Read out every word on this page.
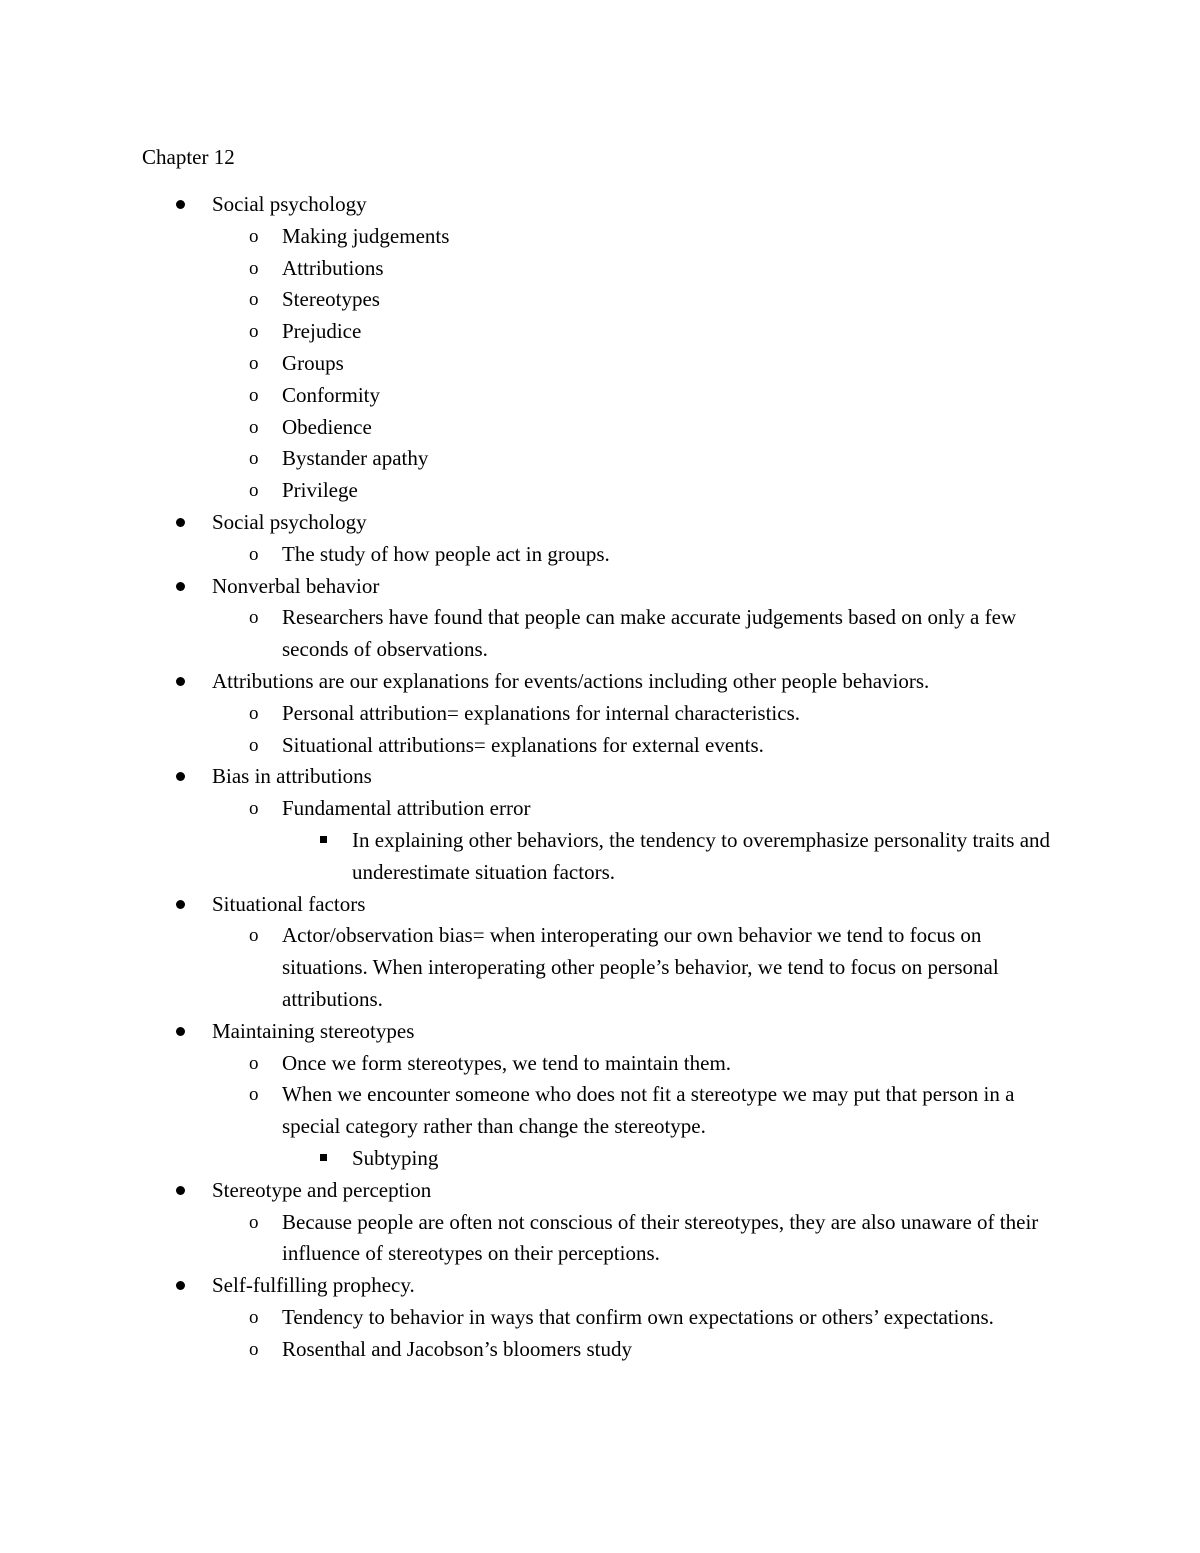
Chapter 12
Social psychology
o Making judgements
o Attributions
o Stereotypes
o Prejudice
o Groups
o Conformity
o Obedience
o Bystander apathy
o Privilege
Social psychology
o The study of how people act in groups.
Nonverbal behavior
o Researchers have found that people can make accurate judgements based on only a few seconds of observations.
Attributions are our explanations for events/actions including other people behaviors.
o Personal attribution= explanations for internal characteristics.
o Situational attributions= explanations for external events.
Bias in attributions
o Fundamental attribution error
In explaining other behaviors, the tendency to overemphasize personality traits and underestimate situation factors.
Situational factors
o Actor/observation bias= when interoperating our own behavior we tend to focus on situations. When interoperating other people’s behavior, we tend to focus on personal attributions.
Maintaining stereotypes
o Once we form stereotypes, we tend to maintain them.
o When we encounter someone who does not fit a stereotype we may put that person in a special category rather than change the stereotype.
Subtyping
Stereotype and perception
o Because people are often not conscious of their stereotypes, they are also unaware of their influence of stereotypes on their perceptions.
Self-fulfilling prophecy.
o Tendency to behavior in ways that confirm own expectations or others’ expectations.
o Rosenthal and Jacobson’s bloomers study
